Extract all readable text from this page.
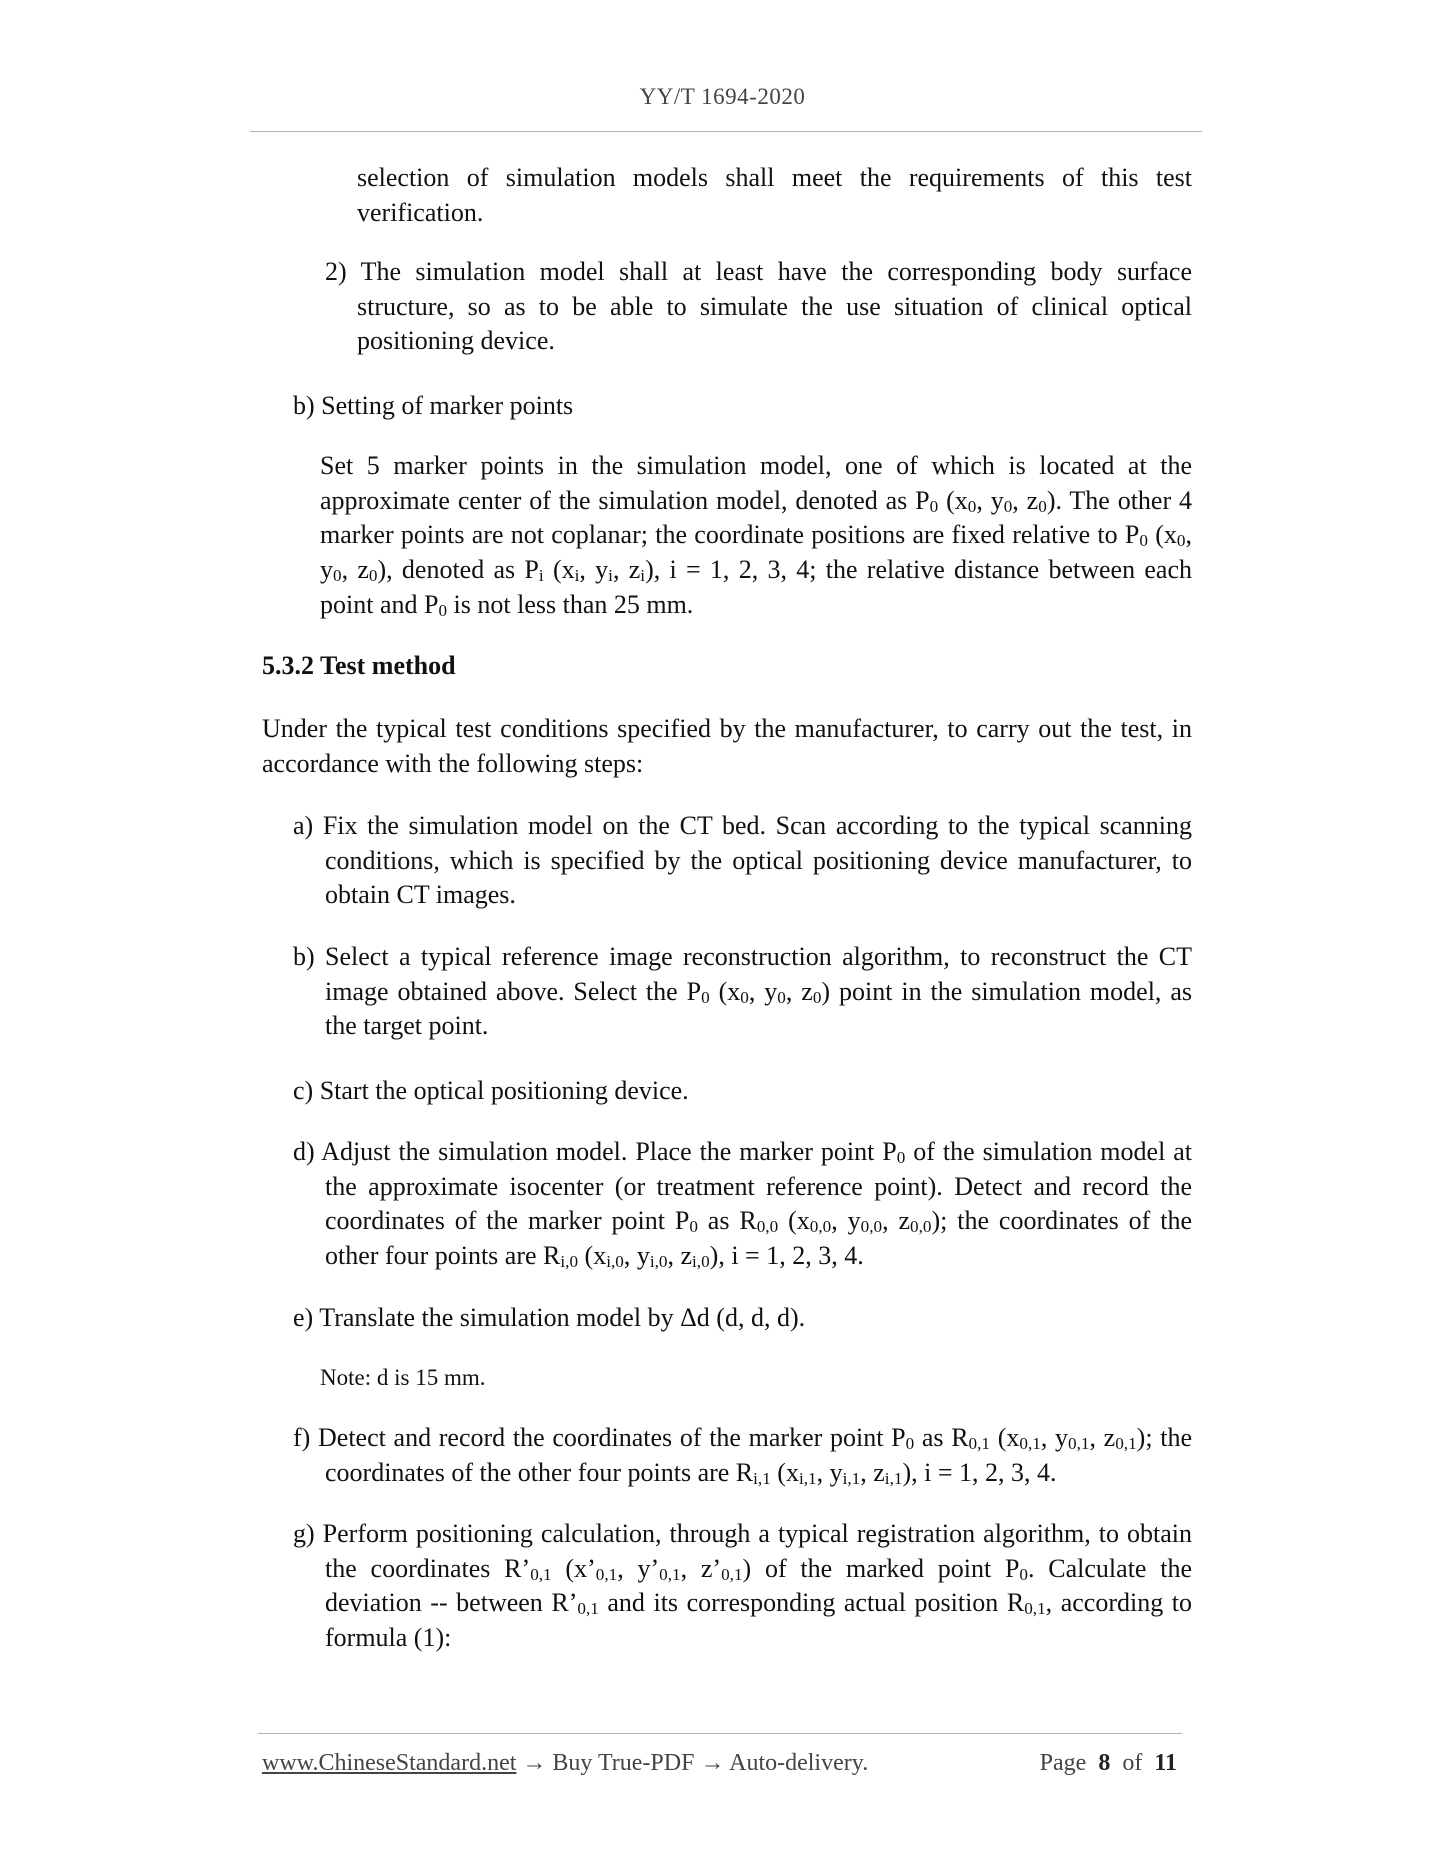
YY/T 1694-2020

selection of simulation models shall meet the requirements of this test verification.

2) The simulation model shall at least have the corresponding body surface structure, so as to be able to simulate the use situation of clinical optical positioning device.

b) Setting of marker points

Set 5 marker points in the simulation model, one of which is located at the approximate center of the simulation model, denoted as $P_0$ ($x_0$, $y_0$, $z_0$). The other 4 marker points are not coplanar; the coordinate positions are fixed relative to $P_0$ ($x_0$, $y_0$, $z_0$), denoted as $P_i$ ($x_i$, $y_i$, $z_i$), i = 1, 2, 3, 4; the relative distance between each point and $P_0$ is not less than 25 mm.

5.3.2 Test method

Under the typical test conditions specified by the manufacturer, to carry out the test, in accordance with the following steps:

a) Fix the simulation model on the CT bed. Scan according to the typical scanning conditions, which is specified by the optical positioning device manufacturer, to obtain CT images.

b) Select a typical reference image reconstruction algorithm, to reconstruct the CT image obtained above. Select the $P_0$ ($x_0$, $y_0$, $z_0$) point in the simulation model, as the target point.

c) Start the optical positioning device.

d) Adjust the simulation model. Place the marker point $P_0$ of the simulation model at the approximate isocenter (or treatment reference point). Detect and record the coordinates of the marker point $P_0$ as $R_{0,0}$ ($x_{0,0}$, $y_{0,0}$, $z_{0,0}$); the coordinates of the other four points are $R_{i,0}$ ($x_{i,0}$, $y_{i,0}$, $z_{i,0}$), i = 1, 2, 3, 4.

e) Translate the simulation model by Δd (d, d, d).

Note: d is 15 mm.

f) Detect and record the coordinates of the marker point $P_0$ as $R_{0,1}$ ($x_{0,1}$, $y_{0,1}$, $z_{0,1}$); the coordinates of the other four points are $R_{i,1}$ ($x_{i,1}$, $y_{i,1}$, $z_{i,1}$), i = 1, 2, 3, 4.

g) Perform positioning calculation, through a typical registration algorithm, to obtain the coordinates $R’_{0,1}$ ($x’_{0,1}$, $y’_{0,1}$, $z’_{0,1}$) of the marked point $P_0$. Calculate the deviation -- between $R’_{0,1}$ and its corresponding actual position $R_{0,1}$, according to formula (1):

www.ChineseStandard.net → Buy True-PDF → Auto-delivery.	Page 8 of 11
